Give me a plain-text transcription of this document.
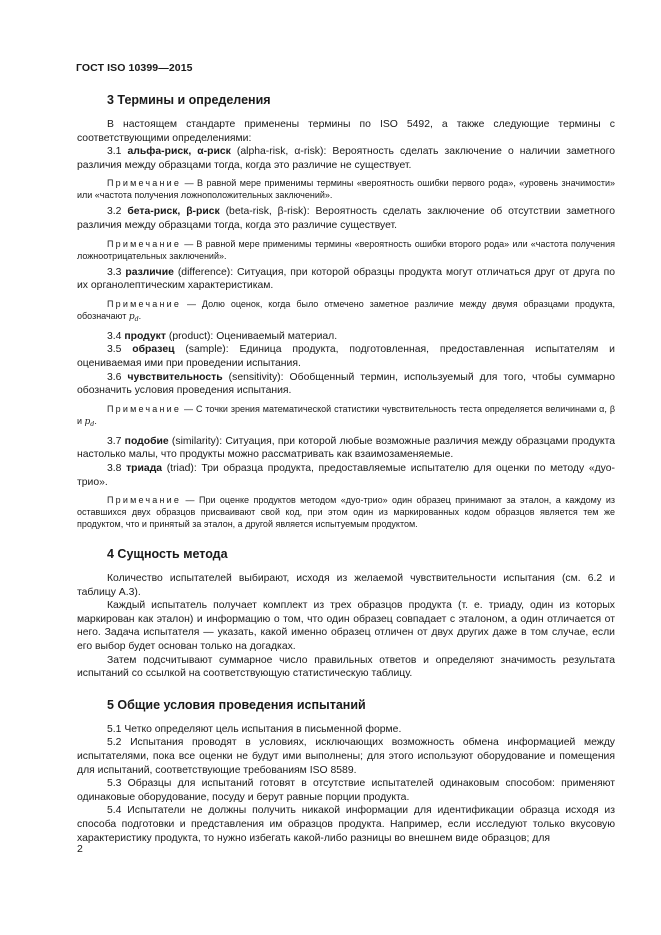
ГОСТ ISO 10399—2015
3 Термины и определения

В настоящем стандарте применены термины по ISO 5492, а также следующие термины с соответствующими определениями:

3.1 альфа-риск, α-риск (alpha-risk, α-risk): Вероятность сделать заключение о наличии заметного различия между образцами тогда, когда это различие не существует.

Примечание — В равной мере применимы термины «вероятность ошибки первого рода», «уровень значимости» или «частота получения ложноположительных заключений».

3.2 бета-риск, β-риск (beta-risk, β-risk): Вероятность сделать заключение об отсутствии заметного различия между образцами тогда, когда это различие существует.

Примечание — В равной мере применимы термины «вероятность ошибки второго рода» или «частота получения ложноотрицательных заключений».

3.3 различие (difference): Ситуация, при которой образцы продукта могут отличаться друг от друга по их органолептическим характеристикам.

Примечание — Долю оценок, когда было отмечено заметное различие между двумя образцами продукта, обозначают $p_d$.

3.4 продукт (product): Оцениваемый материал.

3.5 образец (sample): Единица продукта, подготовленная, предоставленная испытателям и оцениваемая ими при проведении испытания.

3.6 чувствительность (sensitivity): Обобщенный термин, используемый для того, чтобы суммарно обозначить условия проведения испытания.

Примечание — С точки зрения математической статистики чувствительность теста определяется величинами α, β и $p_d$.

3.7 подобие (similarity): Ситуация, при которой любые возможные различия между образцами продукта настолько малы, что продукты можно рассматривать как взаимозаменяемые.

3.8 триада (triad): Три образца продукта, предоставляемые испытателю для оценки по методу «дуо-трио».

Примечание — При оценке продуктов методом «дуо-трио» один образец принимают за эталон, а каждому из оставшихся двух образцов присваивают свой код, при этом один из маркированных кодом образцов является тем же продуктом, что и принятый за эталон, а другой является испытуемым продуктом.

4 Сущность метода

Количество испытателей выбирают, исходя из желаемой чувствительности испытания (см. 6.2 и таблицу А.3).

Каждый испытатель получает комплект из трех образцов продукта (т. е. триаду, один из которых маркирован как эталон) и информацию о том, что один образец совпадает с эталоном, а один отличается от него. Задача испытателя — указать, какой именно образец отличен от двух других даже в том случае, если его выбор будет основан только на догадках.

Затем подсчитывают суммарное число правильных ответов и определяют значимость результата испытаний со ссылкой на соответствующую статистическую таблицу.

5 Общие условия проведения испытаний

5.1 Четко определяют цель испытания в письменной форме.

5.2 Испытания проводят в условиях, исключающих возможность обмена информацией между испытателями, пока все оценки не будут ими выполнены; для этого используют оборудование и помещения для испытаний, соответствующие требованиям ISO 8589.

5.3 Образцы для испытаний готовят в отсутствие испытателей одинаковым способом: применяют одинаковые оборудование, посуду и берут равные порции продукта.

5.4 Испытатели не должны получить никакой информации для идентификации образца исходя из способа подготовки и представления им образцов продукта. Например, если исследуют только вкусовую характеристику продукта, то нужно избегать какой-либо разницы во внешнем виде образцов; для

2
